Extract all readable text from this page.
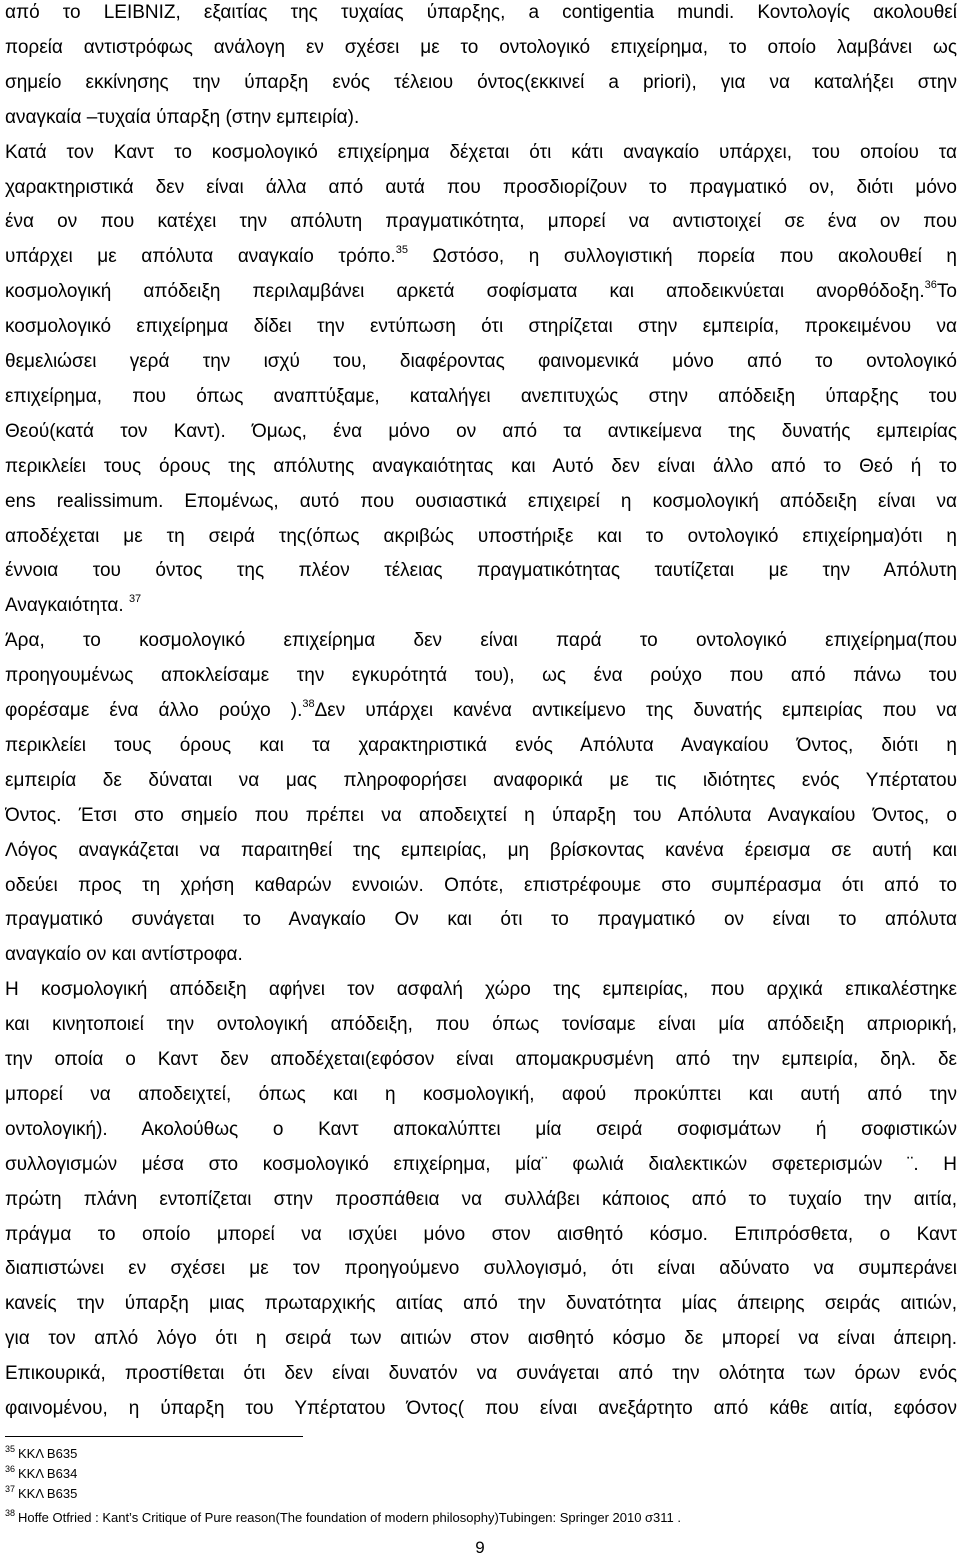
από το LEIBNIZ, εξαιτίας της τυχαίας ύπαρξης, a contigentia mundi. Κοντολογίς ακολουθεί
πορεία αντιστρόφως ανάλογη εν σχέσει με το οντολογικό επιχείρημα, το οποίο λαμβάνει ως
σημείο εκκίνησης την ύπαρξη ενός τέλειου όντος(εκκινεί a priori), για να καταλήξει στην
αναγκαία –τυχαία ύπαρξη (στην εμπειρία).
Κατά τον Καντ το κοσμολογικό επιχείρημα δέχεται ότι κάτι αναγκαίο υπάρχει, του οποίου τα
χαρακτηριστικά δεν είναι άλλα από αυτά που προσδιορίζουν το πραγματικό ον, διότι μόνο
ένα ον που κατέχει την απόλυτη πραγματικότητα, μπορεί να αντιστοιχεί σε ένα ον που
υπάρχει με απόλυτα αναγκαίο τρόπο.$^{35}$ Ωστόσο, η συλλογιστική πορεία που ακολουθεί η
κοσμολογική απόδειξη περιλαμβάνει αρκετά σοφίσματα και αποδεικνύεται ανορθόδοξη.$^{36}$Το
κοσμολογικό επιχείρημα δίδει την εντύπωση ότι στηρίζεται στην εμπειρία, προκειμένου να
θεμελιώσει γερά την ισχύ του, διαφέροντας φαινομενικά μόνο από το οντολογικό
επιχείρημα, που όπως αναπτύξαμε, καταλήγει ανεπιτυχώς στην απόδειξη ύπαρξης του
Θεού(κατά τον Καντ). Όμως, ένα μόνο ον από τα αντικείμενα της δυνατής εμπειρίας
περικλείει τους όρους της απόλυτης αναγκαιότητας και Αυτό δεν είναι άλλο από το Θεό ή το
ens realissimum. Επομένως, αυτό που ουσιαστικά επιχειρεί η κοσμολογική απόδειξη είναι να
αποδέχεται με τη σειρά της(όπως ακριβώς υποστήριξε και το οντολογικό επιχείρημα)ότι η
έννοια του όντος της πλέον τέλειας πραγματικότητας ταυτίζεται με την Απόλυτη
Αναγκαιότητα. $^{37}$
Άρα, το κοσμολογικό επιχείρημα δεν είναι παρά το οντολογικό επιχείρημα(που
προηγουμένως αποκλείσαμε την εγκυρότητά του), ως ένα ρούχο που από πάνω του
φορέσαμε ένα άλλο ρούχο ).$^{38}$Δεν υπάρχει κανένα αντικείμενο της δυνατής εμπειρίας που να
περικλείει τους όρους και τα χαρακτηριστικά ενός Απόλυτα Αναγκαίου Όντος, διότι η
εμπειρία δε δύναται να μας πληροφορήσει αναφορικά με τις ιδιότητες ενός Υπέρτατου
Όντος. Έτσι στο σημείο που πρέπει να αποδειχτεί η ύπαρξη του Απόλυτα Αναγκαίου Όντος, ο
Λόγος αναγκάζεται να παραιτηθεί της εμπειρίας, μη βρίσκοντας κανένα έρεισμα σε αυτή και
οδεύει προς τη χρήση καθαρών εννοιών. Οπότε, επιστρέφουμε στο συμπέρασμα ότι από το
πραγματικό συνάγεται το Αναγκαίο Ον και ότι το πραγματικό ον είναι το απόλυτα
αναγκαίο ον και αντίστροφα.
Η κοσμολογική απόδειξη αφήνει τον ασφαλή χώρο της εμπειρίας, που αρχικά επικαλέστηκε
και κινητοποιεί την οντολογική απόδειξη, που όπως τονίσαμε είναι μία απόδειξη απριορική,
την οποία ο Καντ δεν αποδέχεται(εφόσον είναι απομακρυσμένη από την εμπειρία, δηλ. δε
μπορεί να αποδειχτεί, όπως και η κοσμολογική, αφού προκύπτει και αυτή από την
οντολογική). Ακολούθως ο Καντ αποκαλύπτει μία σειρά σοφισμάτων ή σοφιστικών
συλλογισμών μέσα στο κοσμολογικό επιχείρημα, μία¨ φωλιά διαλεκτικών σφετερισμών ¨. Η
πρώτη πλάνη εντοπίζεται στην προσπάθεια να συλλάβει κάποιος από το τυχαίο την αιτία,
πράγμα το οποίο μπορεί να ισχύει μόνο στον αισθητό κόσμο. Επιπρόσθετα, ο Καντ
διαπιστώνει εν σχέσει με τον προηγούμενο συλλογισμό, ότι είναι αδύνατο να συμπεράνει
κανείς την ύπαρξη μιας πρωταρχικής αιτίας από την δυνατότητα μίας άπειρης σειράς αιτιών,
για τον απλό λόγο ότι η σειρά των αιτιών στον αισθητό κόσμο δε μπορεί να είναι άπειρη.
Επικουρικά, προστίθεται ότι δεν είναι δυνατόν να συνάγεται από την ολότητα των όρων ενός
φαινομένου, η ύπαρξη του Υπέρτατου Όντος( που είναι ανεξάρτητο από κάθε αιτία, εφόσον
$^{35}$ ΚΚΛ Β635
$^{36}$ ΚΚΛ Β634
$^{37}$ ΚΚΛ Β635
$^{38}$ Hoffe Otfried : Kant’s Critique of Pure reason(The foundation of modern philosophy)Tubingen: Springer 2010 σ311 .
9
